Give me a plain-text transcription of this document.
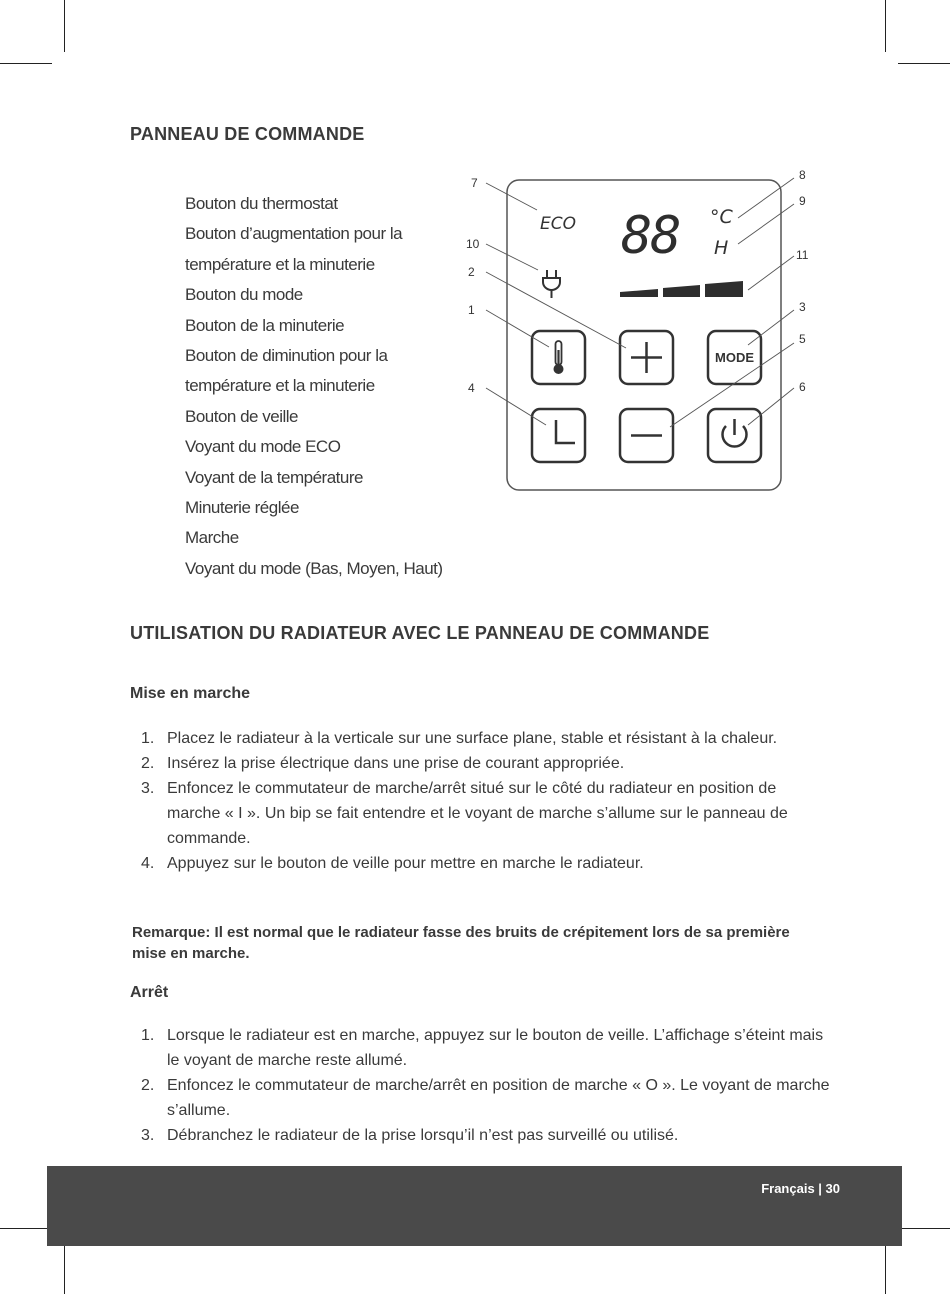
PANNEAU DE COMMANDE
Bouton du thermostat
Bouton d’augmentation pour la
température et la minuterie
Bouton du mode
Bouton de la minuterie
Bouton de diminution pour la
température et la minuterie
Bouton de veille
Voyant du mode ECO
Voyant de la température
Minuterie réglée
Marche
Voyant du mode (Bas, Moyen, Haut)
ECO 88 °C
H
MODE
7
10
2
1
4
8
9
11
3
5
6
UTILISATION DU RADIATEUR AVEC LE PANNEAU DE COMMANDE
Mise en marche
1. Placez le radiateur à la verticale sur une surface plane, stable et résistant à la chaleur.
2. Insérez la prise électrique dans une prise de courant appropriée.
3. Enfoncez le commutateur de marche/arrêt situé sur le côté du radiateur en position de marche « I ». Un bip se fait entendre et le voyant de marche s’allume sur le panneau de commande.
4. Appuyez sur le bouton de veille pour mettre en marche le radiateur.
Remarque: Il est normal que le radiateur fasse des bruits de crépitement lors de sa première mise en marche.
Arrêt
1. Lorsque le radiateur est en marche, appuyez sur le bouton de veille. L’affichage s’éteint mais le voyant de marche reste allumé.
2. Enfoncez le commutateur de marche/arrêt en position de marche « O ». Le voyant de marche s’allume.
3. Débranchez le radiateur de la prise lorsqu’il n’est pas surveillé ou utilisé.
Français | 30
